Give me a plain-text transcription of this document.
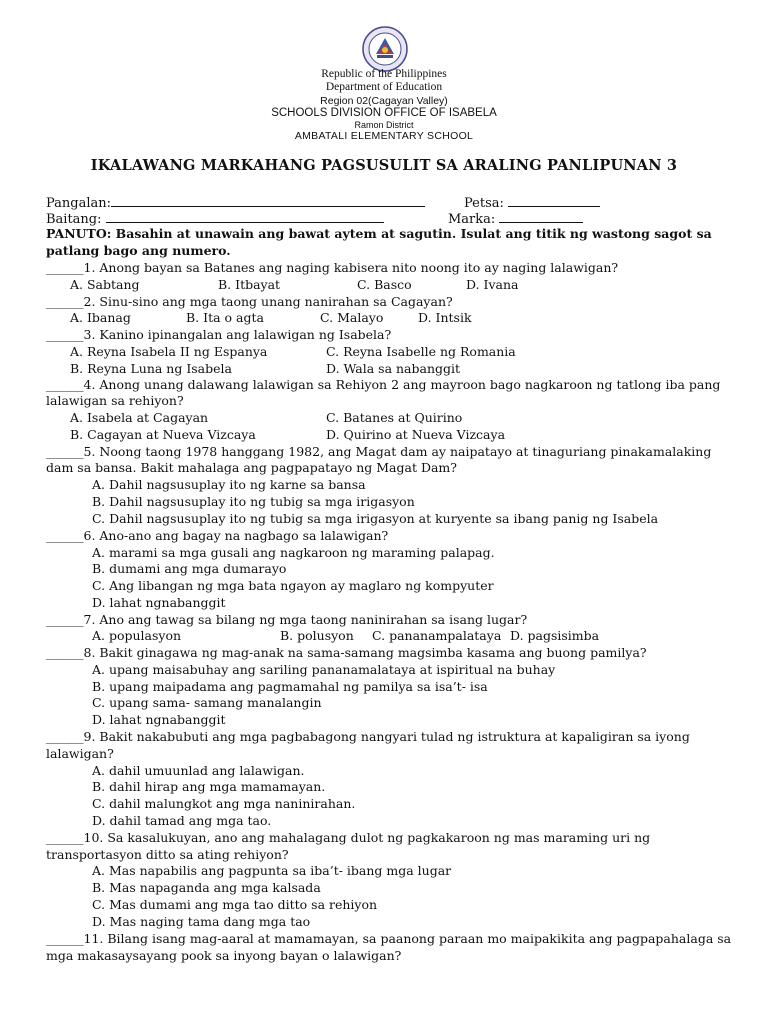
Republic of the Philippines
Department of Education
Region 02(Cagayan Valley)
SCHOOLS DIVISION OFFICE OF ISABELA
Ramon District
AMBATALI ELEMENTARY SCHOOL
IKALAWANG MARKAHANG PAGSUSULIT SA ARALING PANLIPUNAN 3
Pangalan:	Petsa:
Baitang:	Marka:
PANUTO: Basahin at unawain ang bawat aytem at sagutin. Isulat ang titik ng wastong sagot sa
patlang bago ang numero.
______1. Anong bayan sa Batanes ang naging kabisera nito noong ito ay naging lalawigan?
A. Sabtang	B. Itbayat	C. Basco	D. Ivana
______2. Sinu-sino ang mga taong unang nanirahan sa Cagayan?
A. Ibanag	B. Ita o agta	C. Malayo	D. Intsik
______3. Kanino ipinangalan ang lalawigan ng Isabela?
A. Reyna Isabela II ng Espanya	C. Reyna Isabelle ng Romania
B. Reyna Luna ng Isabela	D. Wala sa nabanggit
______4. Anong unang dalawang lalawigan sa Rehiyon 2 ang mayroon bago nagkaroon ng tatlong iba pang
lalawigan sa rehiyon?
A. Isabela at Cagayan	C. Batanes at Quirino
B. Cagayan at Nueva Vizcaya	D. Quirino at Nueva Vizcaya
______5. Noong taong 1978 hanggang 1982, ang Magat dam ay naipatayo at tinaguriang pinakamalaking
dam sa bansa. Bakit mahalaga ang pagpapatayo ng Magat Dam?
A. Dahil nagsusuplay ito ng karne sa bansa
B. Dahil nagsusuplay ito ng tubig sa mga irigasyon
C. Dahil nagsusuplay ito ng tubig sa mga irigasyon at kuryente sa ibang panig ng Isabela
______6. Ano-ano ang bagay na nagbago sa lalawigan?
A. marami sa mga gusali ang nagkaroon ng maraming palapag.
B. dumami ang mga dumarayo
C. Ang libangan ng mga bata ngayon ay maglaro ng kompyuter
D. lahat ngnabanggit
______7. Ano ang tawag sa bilang ng mga taong naninirahan sa isang lugar?
A. populasyon	B. polusyon C. pananampalataya D. pagsisimba
______8. Bakit ginagawa ng mag-anak na sama-samang magsimba kasama ang buong pamilya?
A. upang maisabuhay ang sariling pananamalataya at ispiritual na buhay
B. upang maipadama ang pagmamahal ng pamilya sa isa’t- isa
C. upang sama- samang manalangin
D. lahat ngnabanggit
______9. Bakit nakabubuti ang mga pagbabagong nangyari tulad ng istruktura at kapaligiran sa iyong
lalawigan?
A. dahil umuunlad ang lalawigan.
B. dahil hirap ang mga mamamayan.
C. dahil malungkot ang mga naninirahan.
D. dahil tamad ang mga tao.
______10. Sa kasalukuyan, ano ang mahalagang dulot ng pagkakaroon ng mas maraming uri ng
transportasyon ditto sa ating rehiyon?
A. Mas napabilis ang pagpunta sa iba’t- ibang mga lugar
B. Mas napaganda ang mga kalsada
C. Mas dumami ang mga tao ditto sa rehiyon
D. Mas naging tama dang mga tao
______11. Bilang isang mag-aaral at mamamayan, sa paanong paraan mo maipakikita ang pagpapahalaga sa
mga makasaysayang pook sa inyong bayan o lalawigan?
